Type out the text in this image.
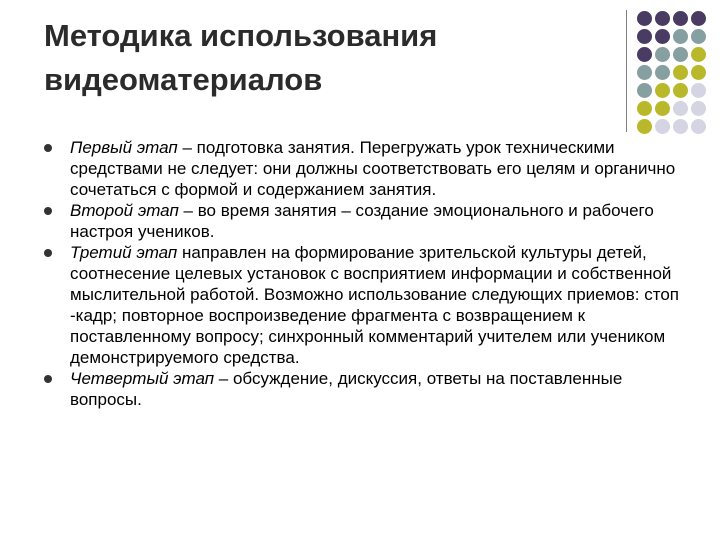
Методика использования
видеоматериалов
Первый этап – подготовка занятия. Перегружать урок техническими средствами не следует: они должны соответствовать его целям и органично сочетаться с формой и содержанием занятия.
Второй этап – во время занятия – создание эмоционального и рабочего настроя учеников.
Третий этап направлен на формирование зрительской культуры детей, соотнесение целевых установок с восприятием информации и собственной мыслительной работой. Возможно использование следующих приемов: стоп -кадр; повторное воспроизведение фрагмента с возвращением к поставленному вопросу; синхронный комментарий учителем или учеником демонстрируемого средства.
Четвертый этап – обсуждение, дискуссия, ответы на поставленные вопросы.
